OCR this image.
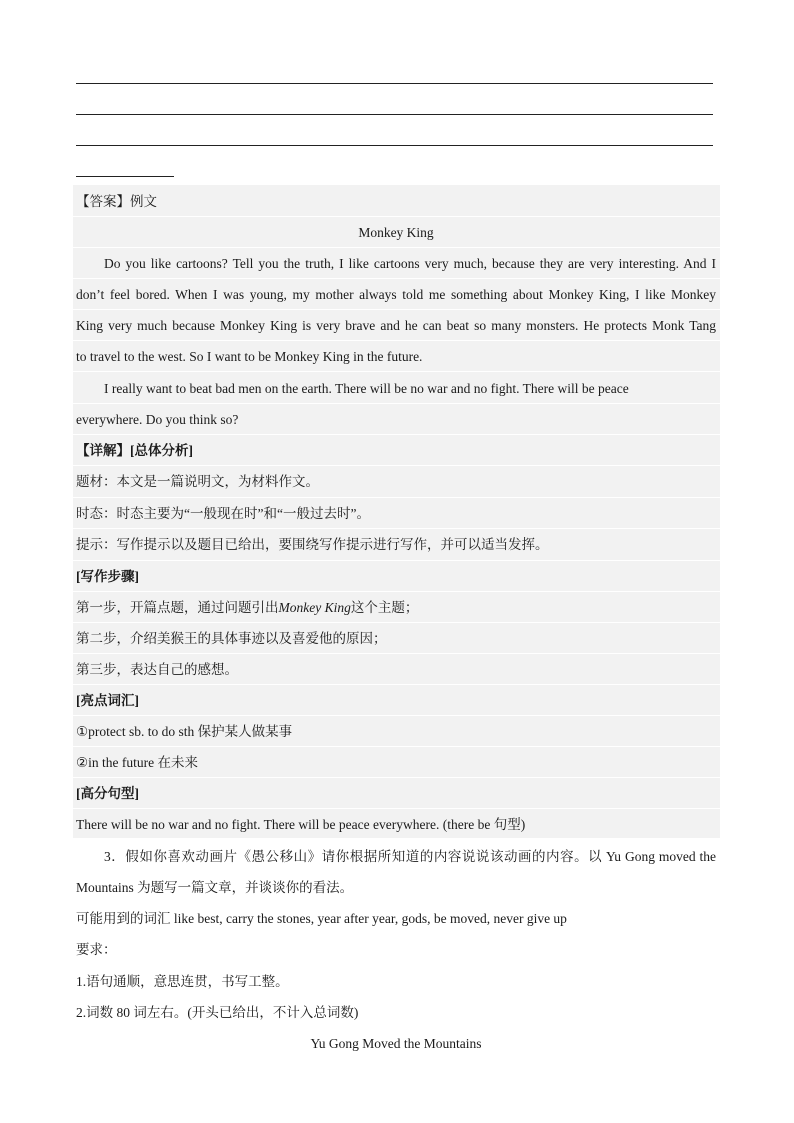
【答案】例文
Monkey King
Do you like cartoons? Tell you the truth, I like cartoons very much, because they are very interesting. And I
don’t feel bored. When I was young, my mother always told me something about Monkey King, I like Monkey
King very much because Monkey King is very brave and he can beat so many monsters. He protects Monk Tang
to travel to the west. So I want to be Monkey King in the future.
I really want to beat bad men on the earth. There will be no war and no fight. There will be peace
everywhere. Do you think so?
【详解】[总体分析]
题材：本文是一篇说明文，为材料作文。
时态：时态主要为“一般现在时”和“一般过去时”。
提示：写作提示以及题目已给出，要围绕写作提示进行写作，并可以适当发挥。
[写作步骤]
第一步，开篇点题，通过问题引出Monkey King这个主题；
第二步，介绍美猴王的具体事迹以及喜爱他的原因；
第三步，表达自己的感想。
[亮点词汇]
①protect sb. to do sth 保护某人做某事
②in the future 在未来
[高分句型]
There will be no war and no fight. There will be peace everywhere. (there be 句型)
3．假如你喜欢动画片《愚公移山》请你根据所知道的内容说说该动画的内容。以 Yu Gong moved the
Mountains 为题写一篇文章，并谈谈你的看法。
可能用到的词汇 like best, carry the stones, year after year, gods, be moved, never give up
要求：
1.语句通顺，意思连贯，书写工整。
2.词数 80 词左右。(开头已给出，不计入总词数)
Yu Gong Moved the Mountains
